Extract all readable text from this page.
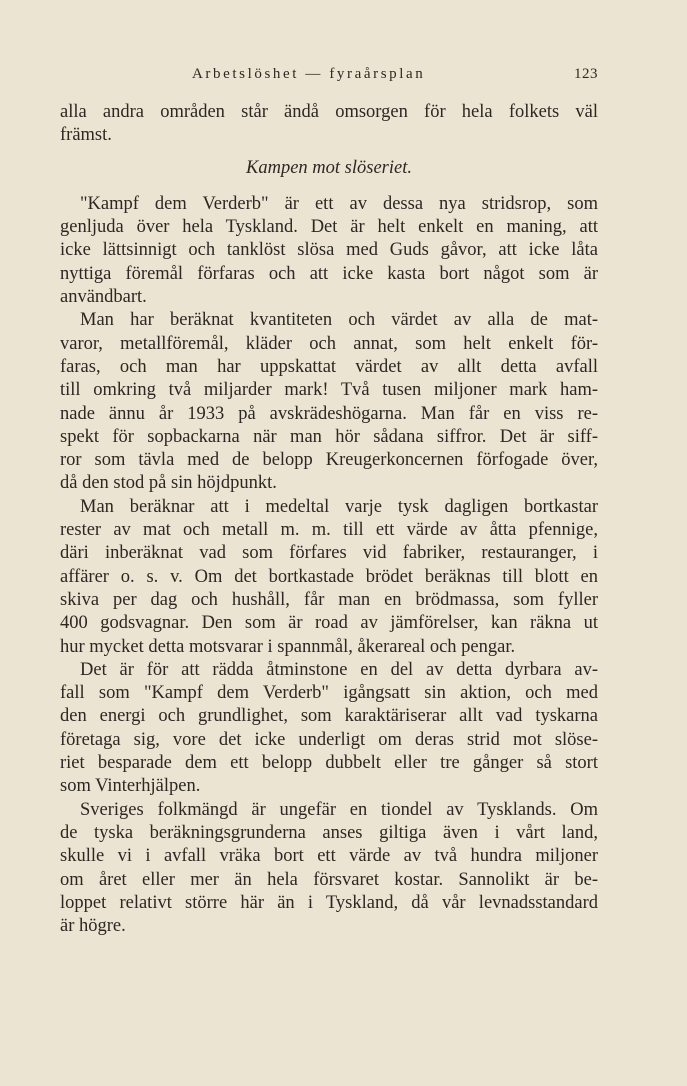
Arbetslöshet — fyraårsplan	123

alla andra områden står ändå omsorgen för hela folkets väl

främst.

Kampen mot slöseriet.

"Kampf dem Verderb" är ett av dessa nya stridsrop, som

genljuda över hela Tyskland. Det är helt enkelt en maning, att

icke lättsinnigt och tanklöst slösa med Guds gåvor, att icke låta

nyttiga föremål förfaras och att icke kasta bort något som är

användbart.

Man har beräknat kvantiteten och värdet av alla de mat-

varor, metallföremål, kläder och annat, som helt enkelt för-

faras, och man har uppskattat värdet av allt detta avfall

till omkring två miljarder mark! Två tusen miljoner mark ham-

nade ännu år 1933 på avskrädeshögarna. Man får en viss re-

spekt för sopbackarna när man hör sådana siffror. Det är siff-

ror som tävla med de belopp Kreugerkoncernen förfogade över,

då den stod på sin höjdpunkt.

Man beräknar att i medeltal varje tysk dagligen bortkastar

rester av mat och metall m. m. till ett värde av åtta pfennige,

däri inberäknat vad som förfares vid fabriker, restauranger, i

affärer o. s. v. Om det bortkastade brödet beräknas till blott en

skiva per dag och hushåll, får man en brödmassa, som fyller

400 godsvagnar. Den som är road av jämförelser, kan räkna ut

hur mycket detta motsvarar i spannmål, åkerareal och pengar.

Det är för att rädda åtminstone en del av detta dyrbara av-

fall som "Kampf dem Verderb" igångsatt sin aktion, och med

den energi och grundlighet, som karaktäriserar allt vad tyskarna

företaga sig, vore det icke underligt om deras strid mot slöse-

riet besparade dem ett belopp dubbelt eller tre gånger så stort

som Vinterhjälpen.

Sveriges folkmängd är ungefär en tiondel av Tysklands. Om

de tyska beräkningsgrunderna anses giltiga även i vårt land,

skulle vi i avfall vräka bort ett värde av två hundra miljoner

om året eller mer än hela försvaret kostar. Sannolikt är be-

loppet relativt större här än i Tyskland, då vår levnadsstandard

är högre.
